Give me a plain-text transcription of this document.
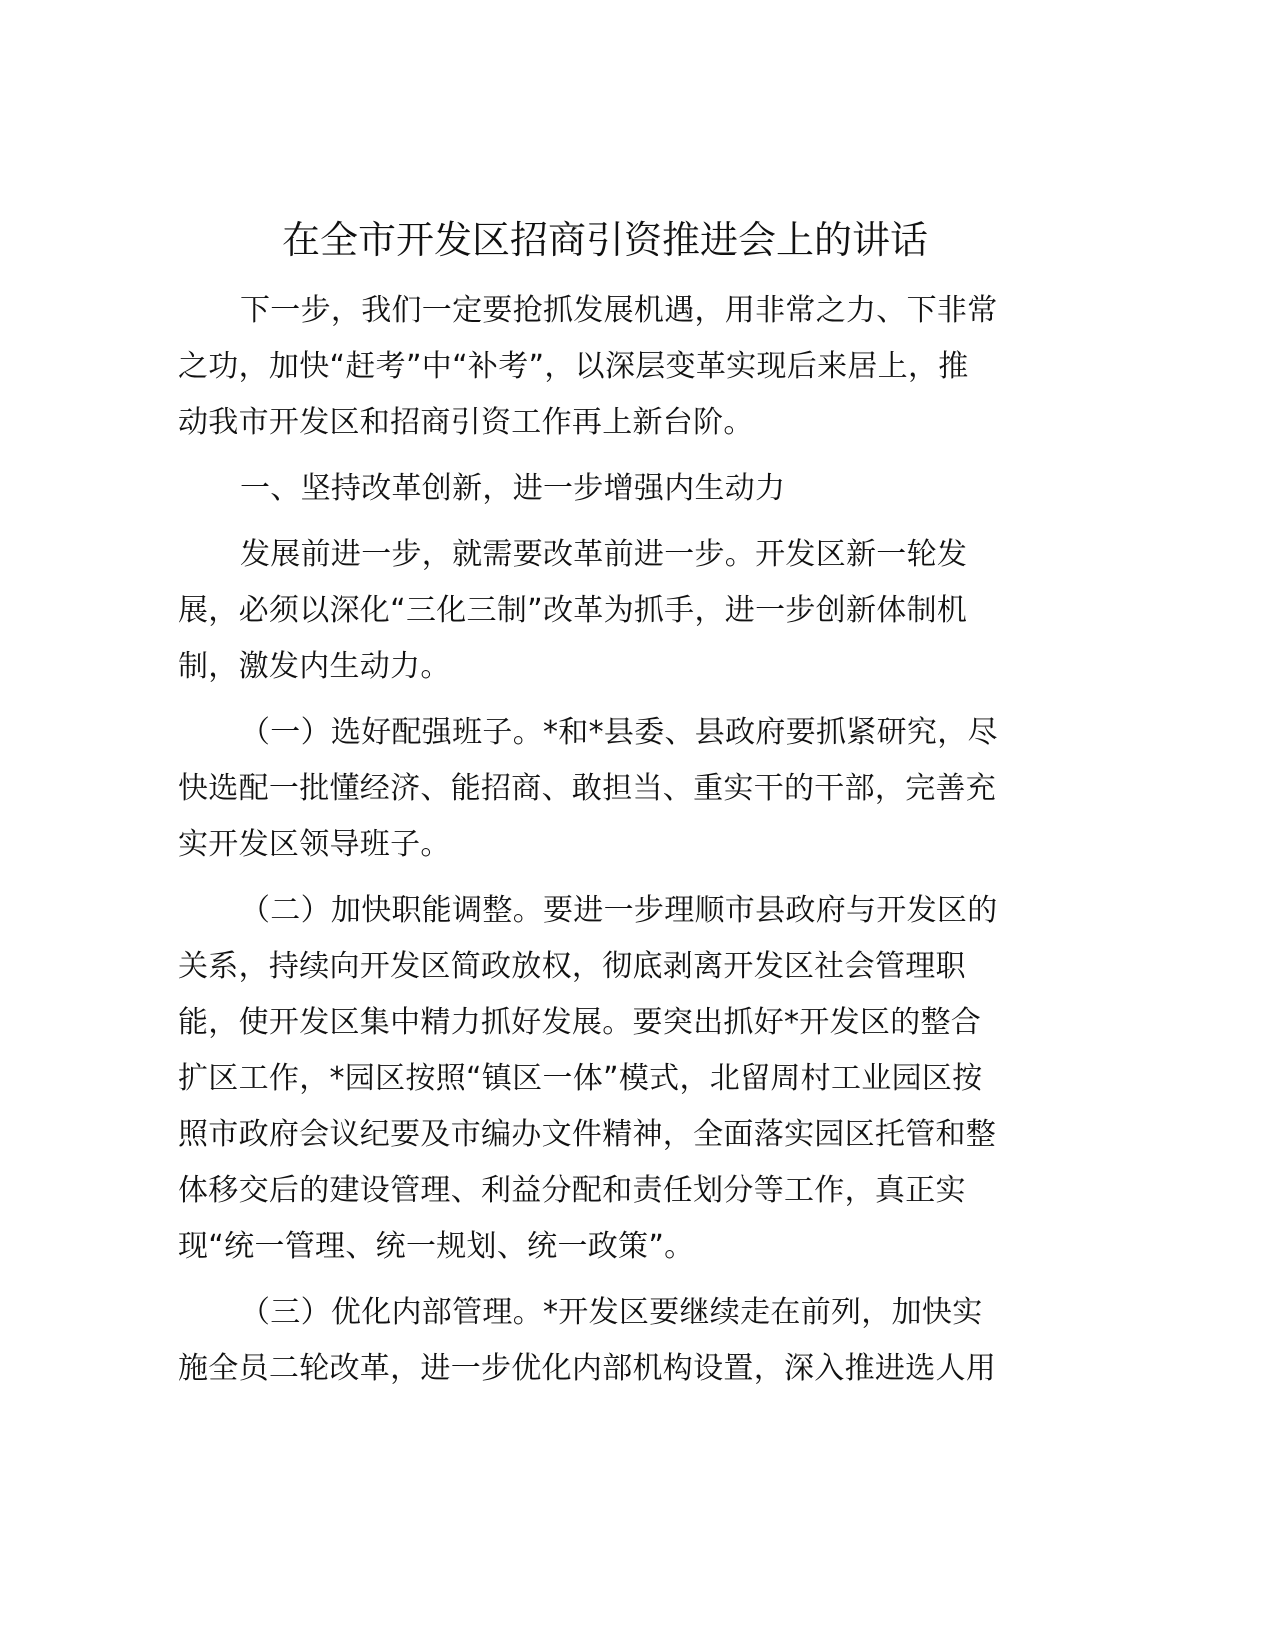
在全市开发区招商引资推进会上的讲话
下一步，我们一定要抢抓发展机遇，用非常之力、下非常
之功，加快“赶考”中“补考”，以深层变革实现后来居上，推
动我市开发区和招商引资工作再上新台阶。
一、坚持改革创新，进一步增强内生动力
发展前进一步，就需要改革前进一步。开发区新一轮发
展，必须以深化“三化三制”改革为抓手，进一步创新体制机
制，激发内生动力。
（一）选好配强班子。*和*县委、县政府要抓紧研究，尽
快选配一批懂经济、能招商、敢担当、重实干的干部，完善充
实开发区领导班子。
（二）加快职能调整。要进一步理顺市县政府与开发区的
关系，持续向开发区简政放权，彻底剥离开发区社会管理职
能，使开发区集中精力抓好发展。要突出抓好*开发区的整合
扩区工作，*园区按照“镇区一体”模式，北留周村工业园区按
照市政府会议纪要及市编办文件精神，全面落实园区托管和整
体移交后的建设管理、利益分配和责任划分等工作，真正实
现“统一管理、统一规划、统一政策”。
（三）优化内部管理。*开发区要继续走在前列，加快实
施全员二轮改革，进一步优化内部机构设置，深入推进选人用
